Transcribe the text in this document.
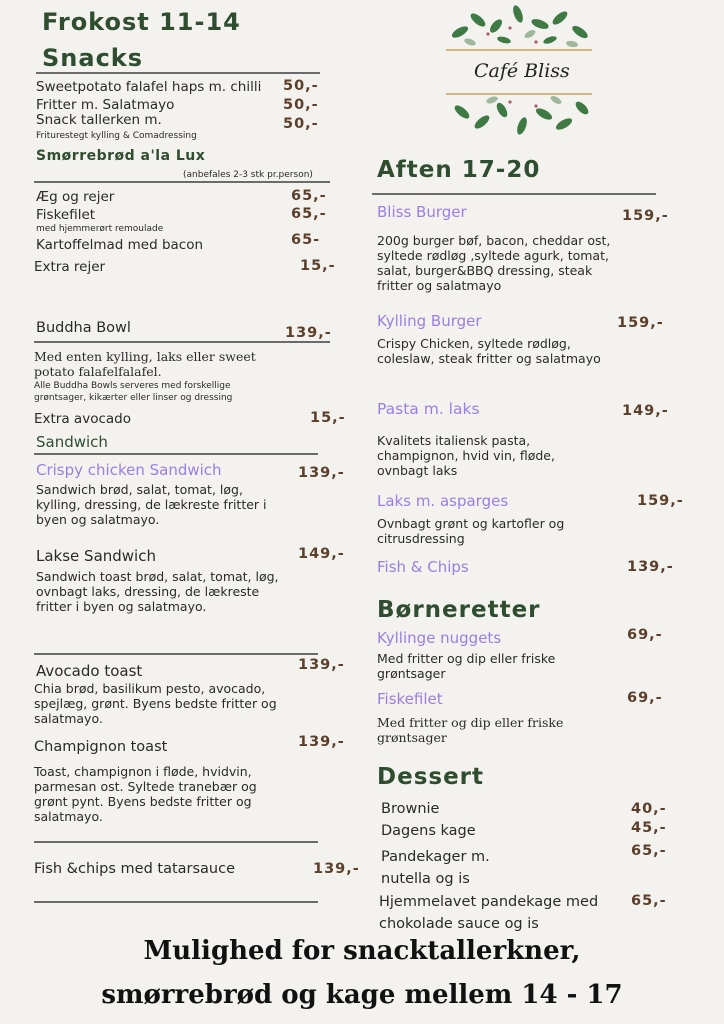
Frokost 11-14
Snacks
Sweetpotato falafel haps m. chilli 50,-
Fritter m. Salatmayo	50,-
Snack tallerken m.	50,-
Friturestegt kylling & Comadressing
Smørrebrød a'la Lux
(anbefales 2-3 stk pr.person)
Æg og rejer	65,-
Fiskefilet	65,-
med hjemmerørt remoulade
Kartoffelmad med bacon	65-
Extra rejer	15,-
Buddha Bowl	139,-
Med enten kylling, laks eller sweet potato falafelfalafel.
Alle Buddha Bowls serveres med forskellige grøntsager, kikærter eller linser og dressing
Extra avocado	15,-
Sandwich
Crispy chicken Sandwich	139,-
Sandwich brød, salat, tomat, løg, kylling, dressing, de lækreste fritter i byen og salatmayo.
Lakse Sandwich	149,-
Sandwich toast brød, salat, tomat, løg, ovnbagt laks, dressing, de lækreste fritter i byen og salatmayo.
Avocado toast	139,-
Chia brød, basilikum pesto, avocado, spejlæg, grønt. Byens bedste fritter og salatmayo.
Champignon toast	139,-
Toast, champignon i fløde, hvidvin, parmesan ost. Syltede tranebær og grønt pynt. Byens bedste fritter og salatmayo.
Fish &chips med tatarsauce	139,-
Café Bliss
Aften 17-20
Bliss Burger	159,-
200g burger bøf, bacon, cheddar ost, syltede rødløg ,syltede agurk, tomat, salat, burger&BBQ dressing, steak fritter og salatmayo
Kylling Burger	159,-
Crispy Chicken, syltede rødløg, coleslaw, steak fritter og salatmayo
Pasta m. laks	149,-
Kvalitets italiensk pasta, champignon, hvid vin, fløde, ovnbagt laks
Laks m. asparges	159,-
Ovnbagt grønt og kartofler og citrusdressing
Fish & Chips	139,-
Børneretter
Kyllinge nuggets	69,-
Med fritter og dip eller friske grøntsager
Fiskefilet	69,-
Med fritter og dip eller friske grøntsager
Dessert
Brownie	40,-
Dagens kage	45,-
Pandekager m. nutella og is
65,-
Hjemmelavet pandekage med chokolade sauce og is
65,-
Mulighed for snacktallerkner,
smørrebrød og kage mellem 14 - 17
